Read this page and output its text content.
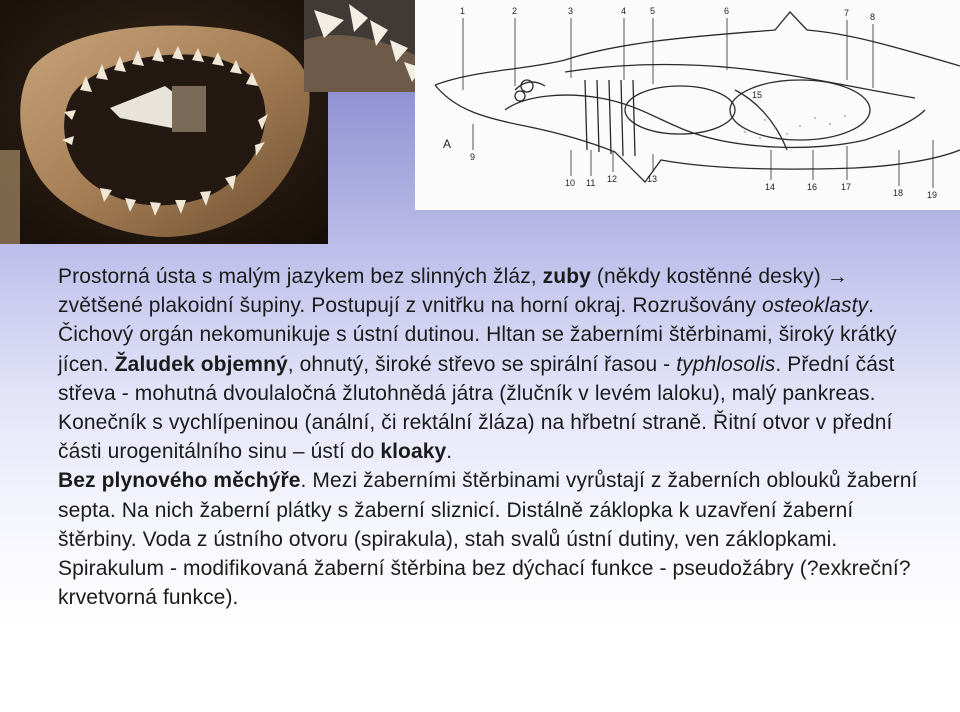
1	2	3	4	5	6	7 8
15
9
10 11 12	13
14	16	17
18	19
A

Prostorná ústa s malým jazykem bez slinných žláz, zuby (někdy kostěnné desky) → zvětšené plakoidní šupiny. Postupují z vnitřku na horní okraj. Rozrušovány osteoklasty.

Čichový orgán nekomunikuje s ústní dutinou. Hltan se žaberními štěrbinami, široký krátký jícen. Žaludek objemný, ohnutý, široké střevo se spirální řasou - typhlosolis. Přední část střeva - mohutná dvoulaločná žlutohnědá játra (žlučník v levém laloku), malý pankreas. Konečník s vychlípeninou (anální, či rektální žláza) na hřbetní straně. Řitní otvor v přední části urogenitálního sinu – ústí do kloaky.

Bez plynového měchýře. Mezi žaberními štěrbinami vyrůstají z žaberních oblouků žaberní septa. Na nich žaberní plátky s žaberní sliznicí. Distálně záklopka k uzavření žaberní štěrbiny. Voda z ústního otvoru (spirakula), stah svalů ústní dutiny, ven záklopkami. Spirakulum - modifikovaná žaberní štěrbina bez dýchací funkce - pseudožábry (?exkreční?krvetvorná funkce).
